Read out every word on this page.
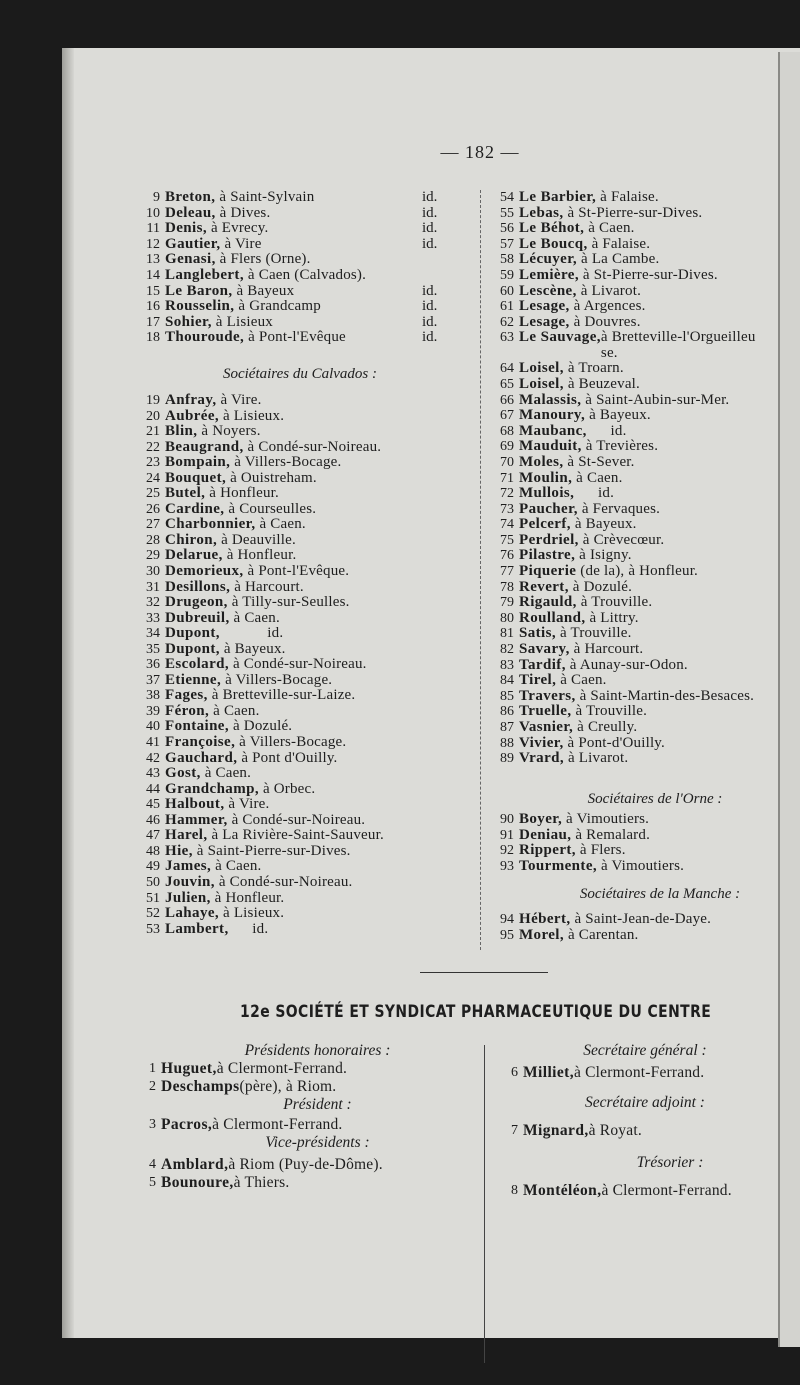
— 182 —
9 Breton, à Saint-Sylvain	id.
10 Deleau, à Dives.	id.
11 Denis, à Evrecy.	id.
12 Gautier, à Vire	id.
13 Genasi, à Flers (Orne).
14 Langlebert, à Caen (Calvados).
15 Le Baron, à Bayeux	id.
16 Rousselin, à Grandcamp	id.
17 Sohier, à Lisieux	id.
18 Thouroude, à Pont-l'Evêque	id.
Sociétaires du Calvados :
19 Anfray, à Vire.
20 Aubrée, à Lisieux.
21 Blin, à Noyers.
22 Beaugrand, à Condé-sur-Noireau.
23 Bompain, à Villers-Bocage.
24 Bouquet, à Ouistreham.
25 Butel, à Honfleur.
26 Cardine, à Courseulles.
27 Charbonnier, à Caen.
28 Chiron, à Deauville.
29 Delarue, à Honfleur.
30 Demorieux, à Pont-l'Evêque.
31 Desillons, à Harcourt.
32 Drugeon, à Tilly-sur-Seulles.
33 Dubreuil, à Caen.
34 Dupont, id.
35 Dupont, à Bayeux.
36 Escolard, à Condé-sur-Noireau.
37 Etienne, à Villers-Bocage.
38 Fages, à Bretteville-sur-Laize.
39 Féron, à Caen.
40 Fontaine, à Dozulé.
41 Françoise, à Villers-Bocage.
42 Gauchard, à Pont d'Ouilly.
43 Gost, à Caen.
44 Grandchamp, à Orbec.
45 Halbout, à Vire.
46 Hammer, à Condé-sur-Noireau.
47 Harel, à La Rivière-Saint-Sauveur.
48 Hie, à Saint-Pierre-sur-Dives.
49 James, à Caen.
50 Jouvin, à Condé-sur-Noireau.
51 Julien, à Honfleur.
52 Lahaye, à Lisieux.
53 Lambert, id.
54 Le Barbier, à Falaise.
55 Lebas, à St-Pierre-sur-Dives.
56 Le Béhot, à Caen.
57 Le Boucq, à Falaise.
58 Lécuyer, à La Cambe.
59 Lemière, à St-Pierre-sur-Dives.
60 Lescène, à Livarot.
61 Lesage, à Argences.
62 Lesage, à Douvres.
63 Le Sauvage, à Bretteville-l'Orgueilleuse.
64 Loisel, à Troarn.
65 Loisel, à Beuzeval.
66 Malassis, à Saint-Aubin-sur-Mer.
67 Manoury, à Bayeux.
68 Maubanc, id.
69 Mauduit, à Trevières.
70 Moles, à St-Sever.
71 Moulin, à Caen.
72 Mullois, id.
73 Paucher, à Fervaques.
74 Pelcerf, à Bayeux.
75 Perdriel, à Crèvecœur.
76 Pilastre, à Isigny.
77 Piquerie (de la), à Honfleur.
78 Revert, à Dozulé.
79 Rigauld, à Trouville.
80 Roulland, à Littry.
81 Satis, à Trouville.
82 Savary, à Harcourt.
83 Tardif, à Aunay-sur-Odon.
84 Tirel, à Caen.
85 Travers, à Saint-Martin-des-Besaces.
86 Truelle, à Trouville.
87 Vasnier, à Creully.
88 Vivier, à Pont-d'Ouilly.
89 Vrard, à Livarot.
Sociétaires de l'Orne :
90 Boyer, à Vimoutiers.
91 Deniau, à Remalard.
92 Rippert, à Flers.
93 Tourmente, à Vimoutiers.
Sociétaires de la Manche :
94 Hébert, à Saint-Jean-de-Daye.
95 Morel, à Carentan.
12e SOCIÉTÉ ET SYNDICAT PHARMACEUTIQUE DU CENTRE
Présidents honoraires :
1 Huguet, à Clermont-Ferrand.
2 Deschamps (père), à Riom.
Président :
3 Pacros, à Clermont-Ferrand.
Vice-présidents :
4 Amblard, à Riom (Puy-de-Dôme).
5 Bounoure, à Thiers.
Secrétaire général :
6 Milliet, à Clermont-Ferrand.
Secrétaire adjoint :
7 Mignard, à Royat.
Trésorier :
8 Montéléon, à Clermont-Ferrand.
